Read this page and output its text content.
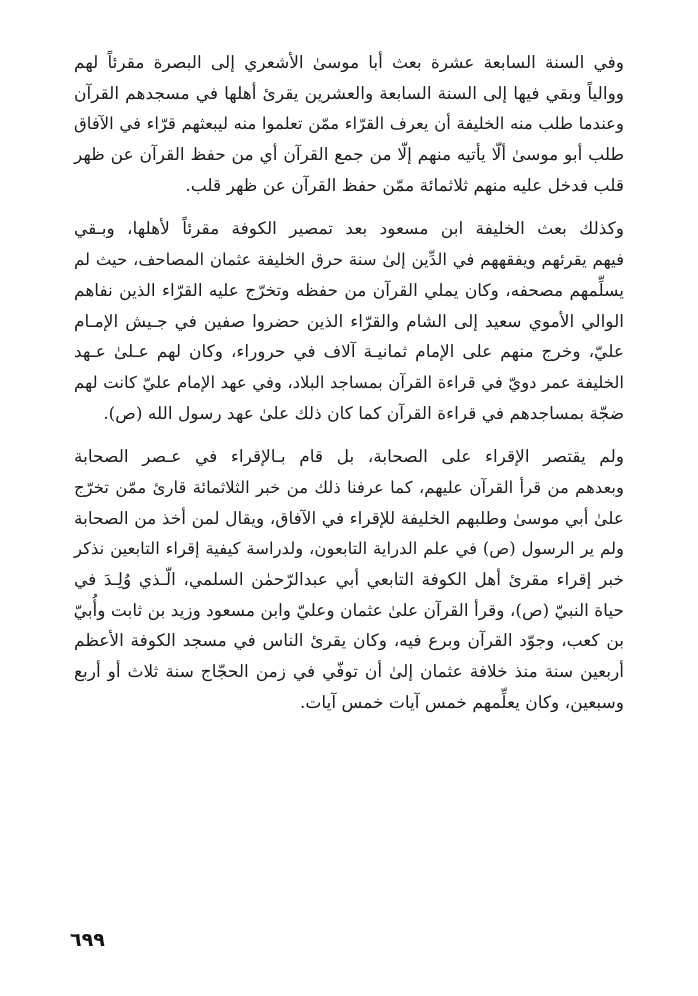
وفي السنة السابعة عشرة بعث أبا موسىٰ الأشعري إلى البصرة مقرئاً لهم
ووالياً وبقي فيها إلى السنة السابعة والعشرين يقرئ أهلها في مسجدهم القرآن
وعندما طلب منه الخليفة أن يعرف القرّاء ممّن تعلموا منه ليبعثهم قرّاء في الآفاق
طلب أبو موسىٰ ألّا يأتيه منهم إلّا من جمع القرآن أي من حفظ القرآن عن ظهر
قلب فدخل عليه منهم ثلاثمائة ممّن حفظ القرآن عن ظهر قلب.
وكذلك بعث الخليفة ابن مسعود بعد تمصير الكوفة مقرئاً لأهلها، وبـقي
فيهم يقرئهم ويفقههم في الدِّين إلىٰ سنة حرق الخليفة عثمان المصاحف، حيث لم
يسلِّمهم مصحفه، وكان يملي القرآن من حفظه وتخرّج عليه القرّاء الذين نفاهم
الوالي الأموي سعيد إلى الشام والقرّاء الذين حضروا صفين في جـيش الإمـام
عليّ، وخرج منهم على الإمام ثمانيـة آلاف في حروراء، وكان لهم عـلىٰ عـهد
الخليفة عمر دويّ في قراءة القرآن بمساجد البلاد، وفي عهد الإمام عليّ كانت لهم
ضجّة بمساجدهم في قراءة القرآن كما كان ذلك علىٰ عهد رسول الله (ص).
ولم يقتصر الإقراء على الصحابة، بل قام بـالإقراء في عـصر الصحابة
وبعدهم من قرأ القرآن عليهم، كما عرفنا ذلك من خبر الثلاثمائة قارئ ممّن تخرّج
علىٰ أبي موسىٰ وطلبهم الخليفة للإقراء في الآفاق، ويقال لمن أخذ من الصحابة
ولم ير الرسول (ص) في علم الدراية التابعون، ولدراسة كيفية إقراء التابعين نذكر
خبر إقراء مقرئ أهل الكوفة التابعي أبي عبدالرّحمٰن السلمي، الّـذي وُلِـدَ في
حياة النبيّ (ص)، وقرأ القرآن علىٰ عثمان وعليّ وابن مسعود وزيد بن ثابت وأُبيّ
بن كعب، وجوّد القرآن وبرع فيه، وكان يقرئ الناس في مسجد الكوفة الأعظم
أربعين سنة منذ خلافة عثمان إلىٰ أن توفّي في زمن الحجّاج سنة ثلاث أو أربع
وسبعين، وكان يعلِّمهم خمس آيات خمس آيات.
٦٩٩
